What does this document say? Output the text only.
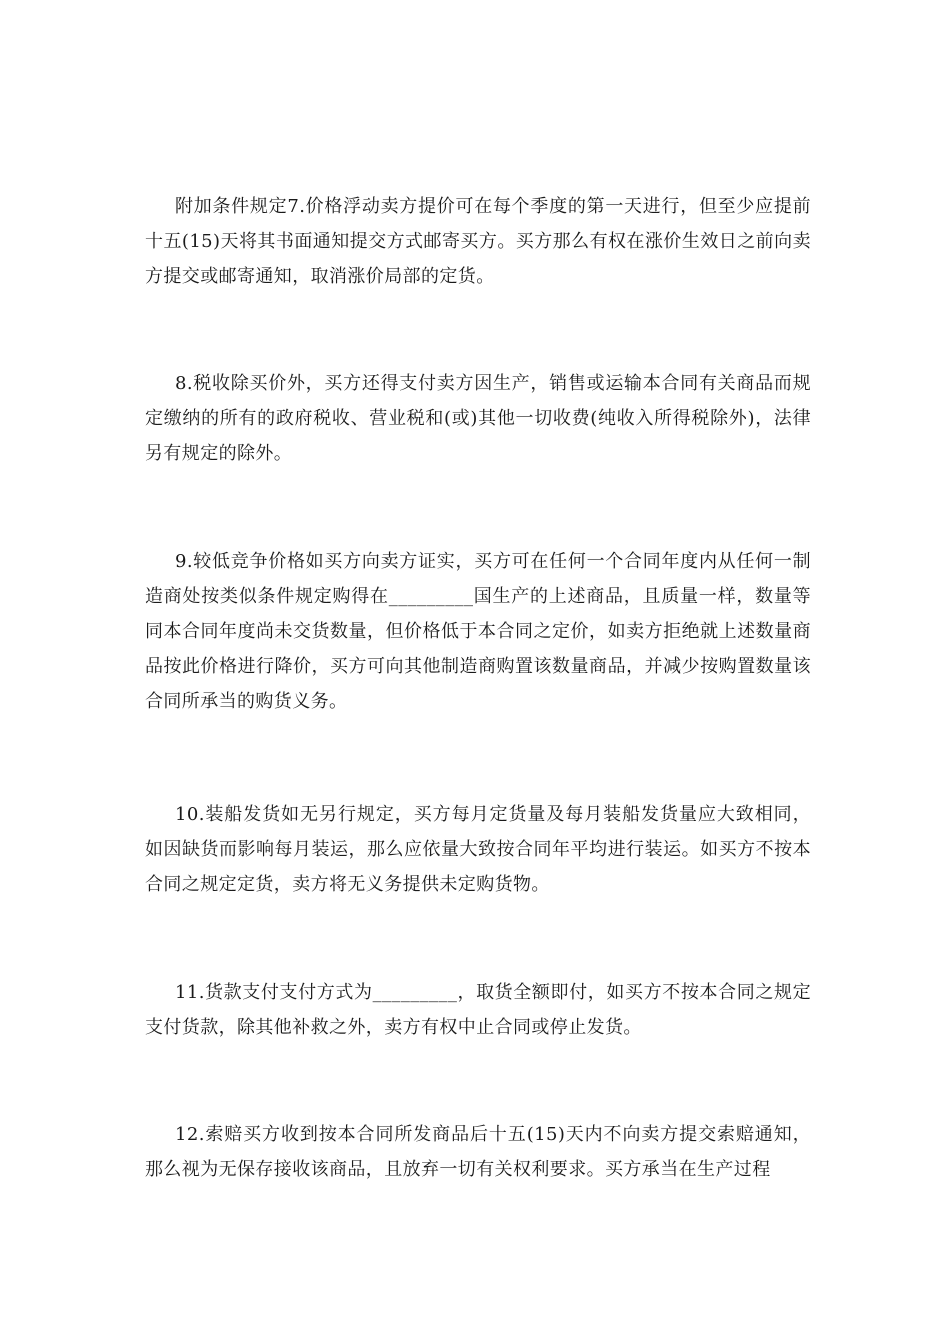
附加条件规定7.价格浮动卖方提价可在每个季度的第一天进行，但至少应提前十五(15)天将其书面通知提交方式邮寄买方。买方那么有权在涨价生效日之前向卖方提交或邮寄通知，取消涨价局部的定货。

8.税收除买价外，买方还得支付卖方因生产，销售或运输本合同有关商品而规定缴纳的所有的政府税收、营业税和(或)其他一切收费(纯收入所得税除外)，法律另有规定的除外。

9.较低竞争价格如买方向卖方证实，买方可在任何一个合同年度内从任何一制造商处按类似条件规定购得在_________国生产的上述商品，且质量一样，数量等同本合同年度尚未交货数量，但价格低于本合同之定价，如卖方拒绝就上述数量商品按此价格进行降价，买方可向其他制造商购置该数量商品，并减少按购置数量该合同所承当的购货义务。

10.装船发货如无另行规定，买方每月定货量及每月装船发货量应大致相同，如因缺货而影响每月装运，那么应依量大致按合同年平均进行装运。如买方不按本合同之规定定货，卖方将无义务提供未定购货物。

11.货款支付支付方式为_________，取货全额即付，如买方不按本合同之规定支付货款，除其他补救之外，卖方有权中止合同或停止发货。

12.索赔买方收到按本合同所发商品后十五(15)天内不向卖方提交索赔通知，那么视为无保存接收该商品，且放弃一切有关权利要求。买方承当在生产过程
